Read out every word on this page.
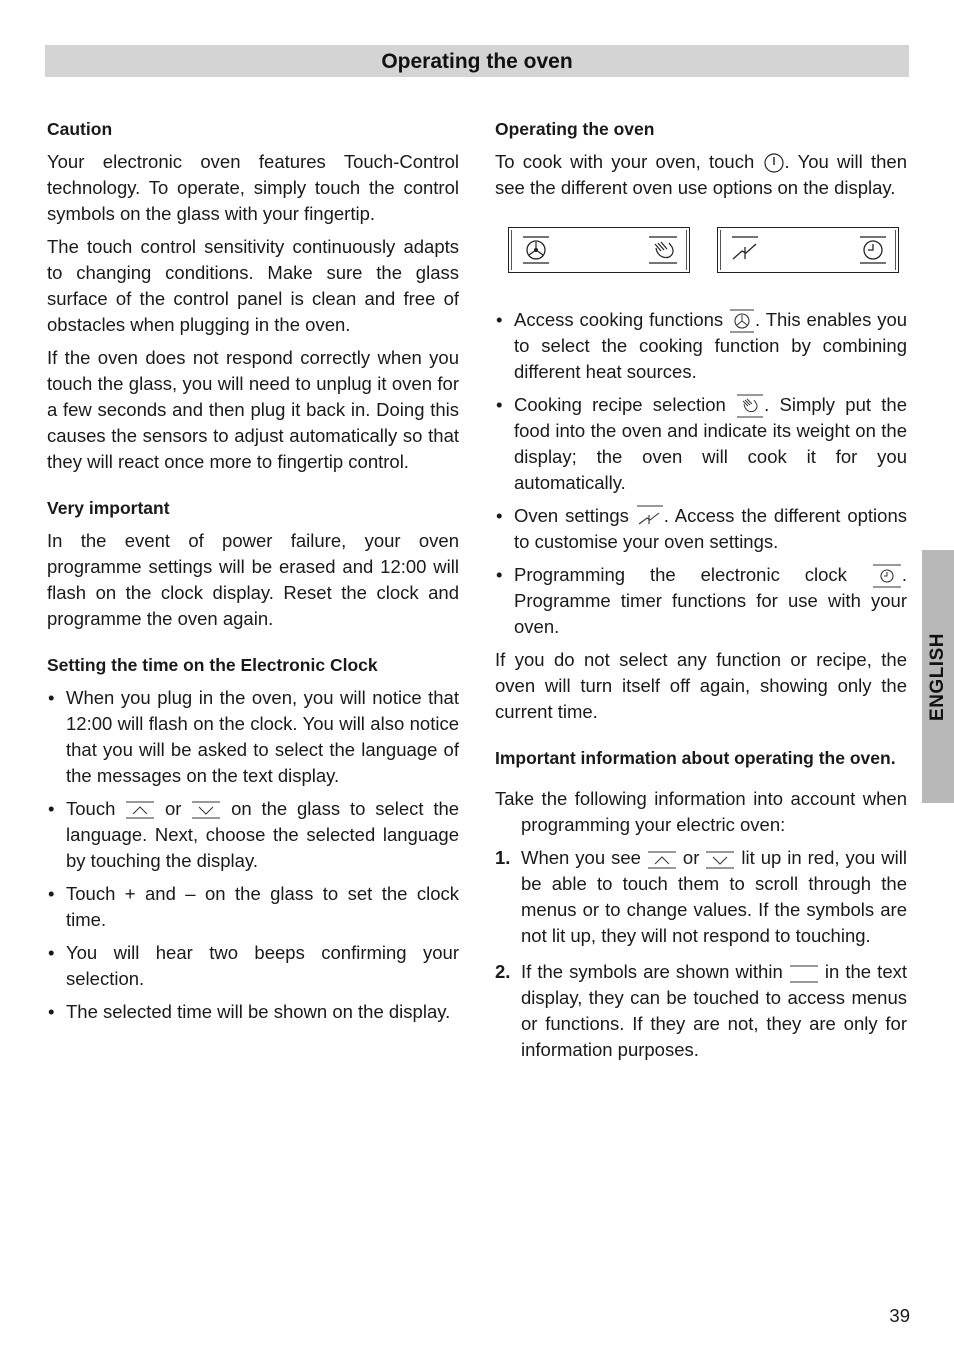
Operating the oven
Caution

Your electronic oven features Touch-Control technology. To operate, simply touch the control symbols on the glass with your fingertip.

The touch control sensitivity continuously adapts to changing conditions. Make sure the glass surface of the control panel is clean and free of obstacles when plugging in the oven.

If the oven does not respond correctly when you touch the glass, you will need to unplug it oven for a few seconds and then plug it back in. Doing this causes the sensors to adjust automatically so that they will react once more to fingertip control.

Very important

In the event of power failure, your oven programme settings will be erased and 12:00 will flash on the clock display. Reset the clock and programme the oven again.

Setting the time on the Electronic Clock
• When you plug in the oven, you will notice that 12:00 will flash on the clock. You will also notice that you will be asked to select the language of the messages on the text display.
• Touch	or	on the glass to select the language. Next, choose the selected language by touching the display.
• Touch + and – on the glass to set the clock time.
• You will hear two beeps confirming your selection.
• The selected time will be shown on the display.
Operating the oven

To cook with your oven, touch . You will then see the different oven use options on the display.

• Access cooking functions . This enables you to select the cooking function by combining different heat sources.
• Cooking recipe selection . Simply put the food into the oven and indicate its weight on the display; the oven will cook it for you automatically.
• Oven settings . Access the different options to customise your oven settings.
• Programming the electronic clock	. Programme timer functions for use with your oven.

If you do not select any function or recipe, the oven will turn itself off again, showing only the current time.

Important information about operating the oven.

Take the following information into account when programming your electric oven:

1. When you see or lit up in red, you will be able to touch them to scroll through the menus or to change values. If the symbols are not lit up, they will not respond to touching.
2. If the symbols are shown within in the text display, they can be touched to access menus or functions. If they are not, they are only for information purposes.
ENGLISH
39
